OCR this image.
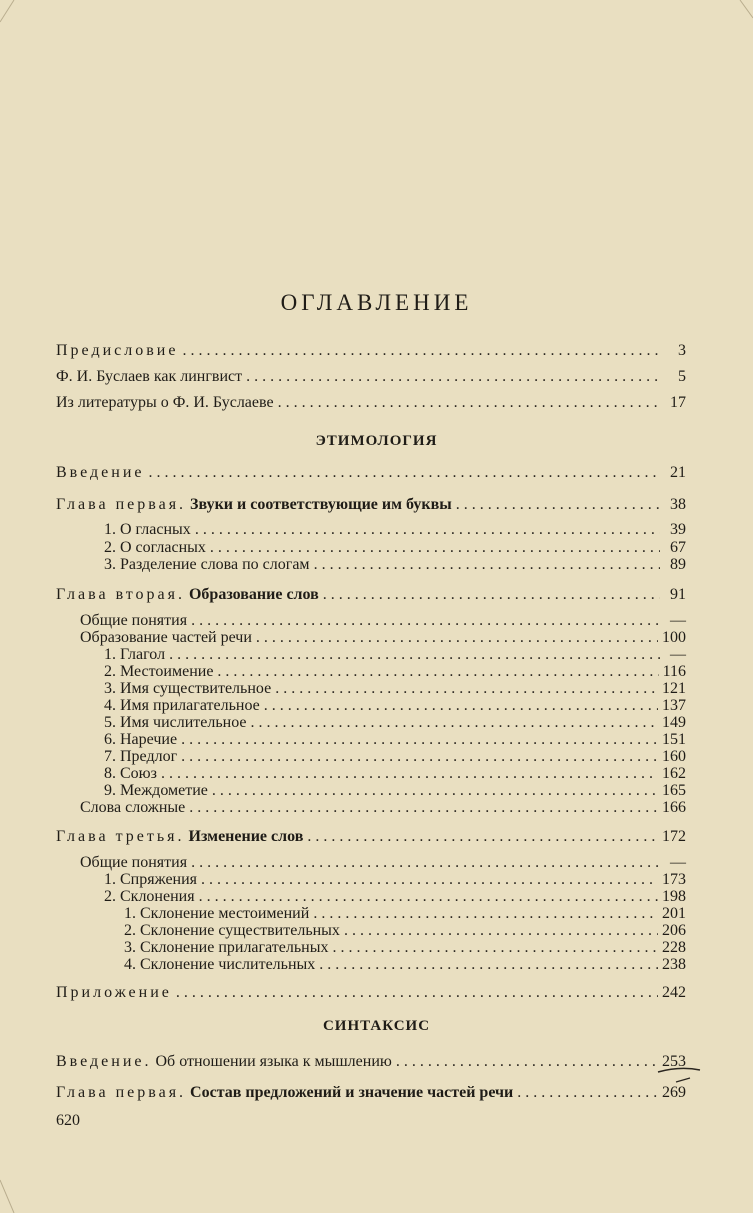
ОГЛАВЛЕНИЕ
ЭТИМОЛОГИЯ
СИНТАКСИС
Предисловие . . .	3
Ф. И. Буслаев как лингвист . . .	5
Из литературы о Ф. И. Буслаеве . . .	17
Введение . . .	21
Глава первая. Звуки и соответствующие им буквы . . .	38
1. О гласных . . .	39
2. О согласных . . .	67
3. Разделение слова по слогам . . .	89
Глава вторая. Образование слов . . .	91
Общие понятия . . .	—
Образование частей речи . . .	100
1. Глагол . . .	—
2. Местоимение . . .	116
3. Имя существительное . . .	121
4. Имя прилагательное . . .	137
5. Имя числительное . . .	149
6. Наречие . . .	151
7. Предлог . . .	160
8. Союз . . .	162
9. Междометие . . .	165
Слова сложные . . .	166
Глава третья. Изменение слов . . .	172
Общие понятия . . .	—
1. Спряжения . . .	173
2. Склонения . . .	198
1. Склонение местоимений . . .	201
2. Склонение существительных . . .	206
3. Склонение прилагательных . . .	228
4. Склонение числительных . . .	238
Приложение . . .	242
Введение. Об отношении языка к мышлению . . .	253
Глава первая. Состав предложений и значение частей речи . . .	269
620
